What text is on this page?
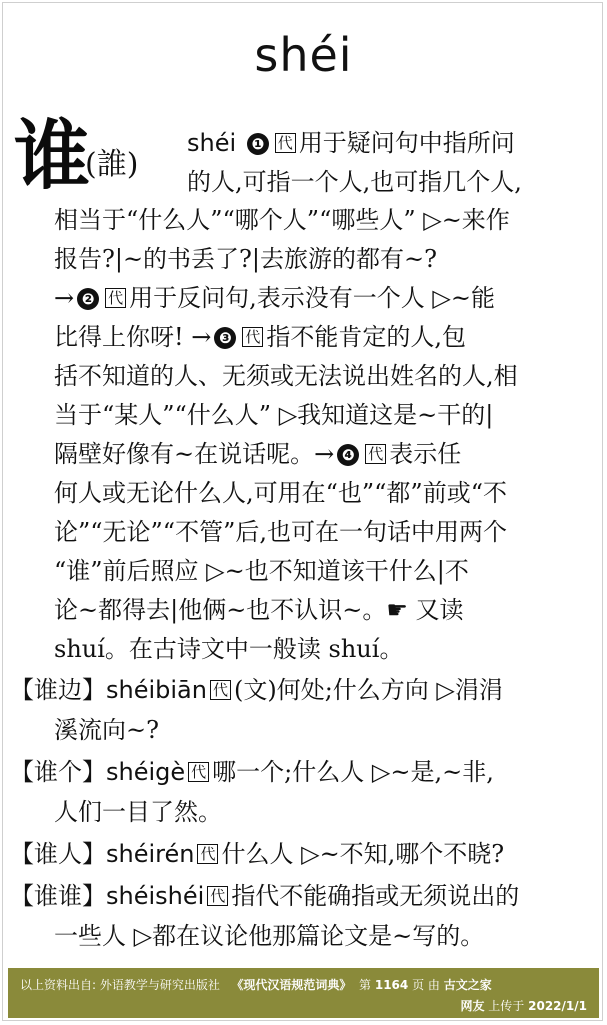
shéi
谁
(誰)
shéi ❶ 代 用于疑问句中指所问
的人,可指一个人,也可指几个人,
相当于“什么人”“哪个人”“哪些人” ▷~来作
报告?|~的书丢了?|去旅游的都有~?
→ ❷ 代 用于反问句,表示没有一个人 ▷~能
比得上你呀! → ❸ 代 指不能肯定的人,包
括不知道的人、无须或无法说出姓名的人,相
当于“某人”“什么人” ▷我知道这是~干的|
隔壁好像有~在说话呢。→ ❹ 代 表示任
何人或无论什么人,可用在“也”“都”前或“不
论”“无论”“不管”后,也可在一句话中用两个
“谁”前后照应 ▷~也不知道该干什么|不
论~都得去|他俩~也不认识~。☛ 又读
shuí。在古诗文中一般读 shuí。
【谁边】shéibiān 代 (文)何处;什么方向 ▷涓涓
溪流向~?
【谁个】shéigè 代 哪一个;什么人 ▷~是,~非,
人们一目了然。
【谁人】shéirén 代 什么人 ▷~不知,哪个不晓?
【谁谁】shéishéi 代 指代不能确指或无须说出的
一些人 ▷都在议论他那篇论文是~写的。
以上资料出自: 外语教学与研究出版社 《现代汉语规范词典》 第 1164 页 由 古文之家
网友 上传于 2022/1/1
